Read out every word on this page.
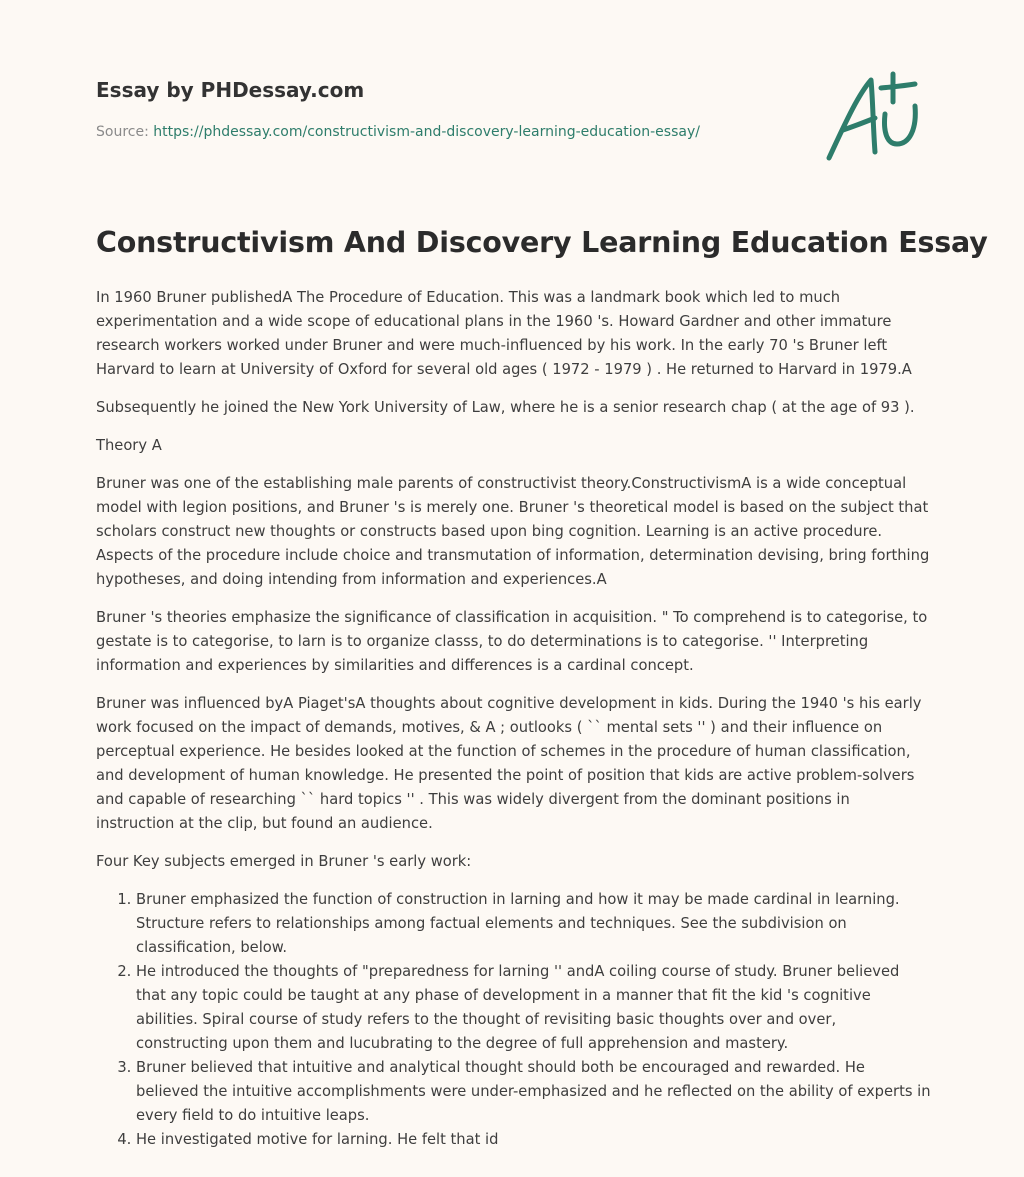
Essay by PHDessay.com
Source: https://phdessay.com/constructivism-and-discovery-learning-education-essay/
Constructivism And Discovery Learning Education Essay

In 1960 Bruner publishedA The Procedure of Education. This was a landmark book which led to much experimentation and a wide scope of educational plans in the 1960 's. Howard Gardner and other immature research workers worked under Bruner and were much-influenced by his work. In the early 70 's Bruner left Harvard to learn at University of Oxford for several old ages ( 1972 - 1979 ) . He returned to Harvard in 1979.A

Subsequently he joined the New York University of Law, where he is a senior research chap ( at the age of 93 ).

Theory A

Bruner was one of the establishing male parents of constructivist theory.ConstructivismA is a wide conceptual model with legion positions, and Bruner 's is merely one. Bruner 's theoretical model is based on the subject that scholars construct new thoughts or constructs based upon bing cognition. Learning is an active procedure. Aspects of the procedure include choice and transmutation of information, determination devising, bring forthing hypotheses, and doing intending from information and experiences.A

Bruner 's theories emphasize the significance of classification in acquisition. " To comprehend is to categorise, to gestate is to categorise, to larn is to organize classs, to do determinations is to categorise. '' Interpreting information and experiences by similarities and differences is a cardinal concept.

Bruner was influenced byA Piaget'sA thoughts about cognitive development in kids. During the 1940 's his early work focused on the impact of demands, motives, & A ; outlooks ( `` mental sets '' ) and their influence on perceptual experience. He besides looked at the function of schemes in the procedure of human classification, and development of human knowledge. He presented the point of position that kids are active problem-solvers and capable of researching `` hard topics '' . This was widely divergent from the dominant positions in instruction at the clip, but found an audience.

Four Key subjects emerged in Bruner 's early work:

1. Bruner emphasized the function of construction in larning and how it may be made cardinal in learning. Structure refers to relationships among factual elements and techniques. See the subdivision on classification, below.
2. He introduced the thoughts of "preparedness for larning '' andA coiling course of study. Bruner believed that any topic could be taught at any phase of development in a manner that fit the kid 's cognitive abilities. Spiral course of study refers to the thought of revisiting basic thoughts over and over, constructing upon them and lucubrating to the degree of full apprehension and mastery.
3. Bruner believed that intuitive and analytical thought should both be encouraged and rewarded. He believed the intuitive accomplishments were under-emphasized and he reflected on the ability of experts in every field to do intuitive leaps.
4. He investigated motive for larning. He felt that id
